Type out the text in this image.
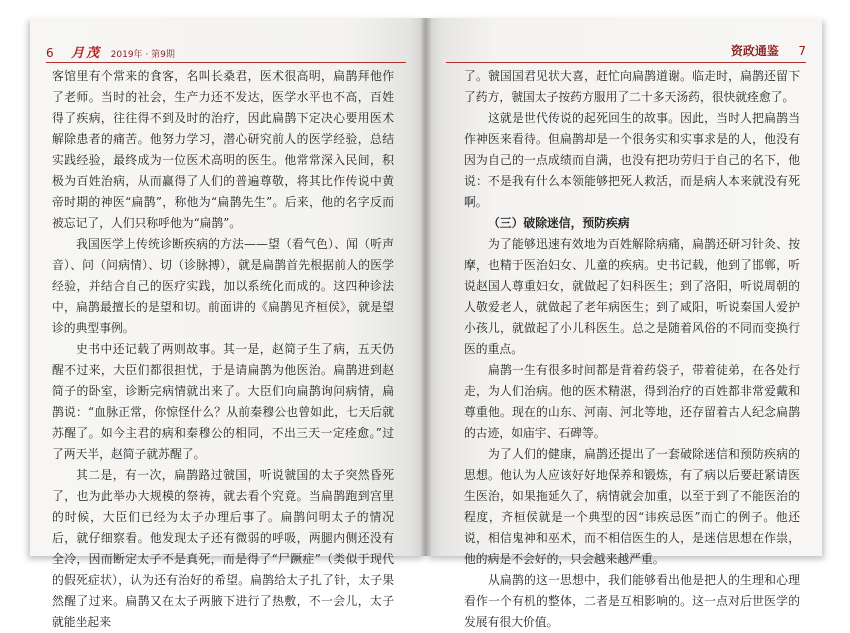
6 月茂 2019年 · 第9期

客馆里有个常来的食客，名叫长桑君，医术很高明，扁鹊拜他作了老师。当时的社会，生产力还不发达，医学水平也不高，百姓得了疾病，往往得不到及时的治疗，因此扁鹊下定决心要用医术解除患者的痛苦。他努力学习，潜心研究前人的医学经验，总结实践经验，最终成为一位医术高明的医生。他常常深入民间，积极为百姓治病，从而赢得了人们的普遍尊敬，将其比作传说中黄帝时期的神医“扁鹊”，称他为“扁鹊先生”。后来，他的名字反而被忘记了，人们只称呼他为“扁鹊”。

我国医学上传统诊断疾病的方法——望（看气色）、闻（听声音）、问（问病情）、切（诊脉搏），就是扁鹊首先根据前人的医学经验，并结合自己的医疗实践，加以系统化而成的。这四种诊法中，扁鹊最擅长的是望和切。前面讲的《扁鹊见齐桓侯》，就是望诊的典型事例。

史书中还记载了两则故事。其一是，赵简子生了病，五天仍醒不过来，大臣们都很担忧，于是请扁鹊为他医治。扁鹊进到赵简子的卧室，诊断完病情就出来了。大臣们向扁鹊询问病情，扁鹊说：“血脉正常，你惊怪什么？从前秦穆公也曾如此，七天后就苏醒了。如今主君的病和秦穆公的相同，不出三天一定痊愈。”过了两天半，赵简子就苏醒了。

其二是，有一次，扁鹊路过虢国，听说虢国的太子突然昏死了，也为此举办大规模的祭祷，就去看个究竟。当扁鹊跑到宫里的时候，大臣们已经为太子办理后事了。扁鹊问明太子的情况后，就仔细察看。他发现太子还有微弱的呼吸，两腿内侧还没有全冷，因而断定太子不是真死，而是得了“尸蹶症”（类似于现代的假死症状），认为还有治好的希望。扁鹊给太子扎了针，太子果然醒了过来。扁鹊又在太子两腋下进行了热敷，不一会儿，太子就能坐起来

资政通鉴 7

了。虢国国君见状大喜，赶忙向扁鹊道谢。临走时，扁鹊还留下了药方，虢国太子按药方服用了二十多天汤药，很快就痊愈了。

这就是世代传说的起死回生的故事。因此，当时人把扁鹊当作神医来看待。但扁鹊却是一个很务实和实事求是的人，他没有因为自己的一点成绩而自满，也没有把功劳归于自己的名下，他说：不是我有什么本领能够把死人救活，而是病人本来就没有死啊。

（三）破除迷信，预防疾病

为了能够迅速有效地为百姓解除病痛，扁鹊还研习针灸、按摩，也精于医治妇女、儿童的疾病。史书记载，他到了邯郸，听说赵国人尊重妇女，就做起了妇科医生；到了洛阳，听说周朝的人敬爱老人，就做起了老年病医生；到了咸阳，听说秦国人爱护小孩儿，就做起了小儿科医生。总之是随着风俗的不同而变换行医的重点。

扁鹊一生有很多时间都是背着药袋子，带着徒弟，在各处行走，为人们治病。他的医术精湛，得到治疗的百姓都非常爱戴和尊重他。现在的山东、河南、河北等地，还存留着古人纪念扁鹊的古迹，如庙宇、石碑等。

为了人们的健康，扁鹊还提出了一套破除迷信和预防疾病的思想。他认为人应该好好地保养和锻炼，有了病以后要赶紧请医生医治，如果拖延久了，病情就会加重，以至于到了不能医治的程度，齐桓侯就是一个典型的因“讳疾忌医”而亡的例子。他还说，相信鬼神和巫术，而不相信医生的人，是迷信思想在作祟，他的病是不会好的，只会越来越严重。

从扁鹊的这一思想中，我们能够看出他是把人的生理和心理看作一个有机的整体，二者是互相影响的。这一点对后世医学的发展有很大价值。
